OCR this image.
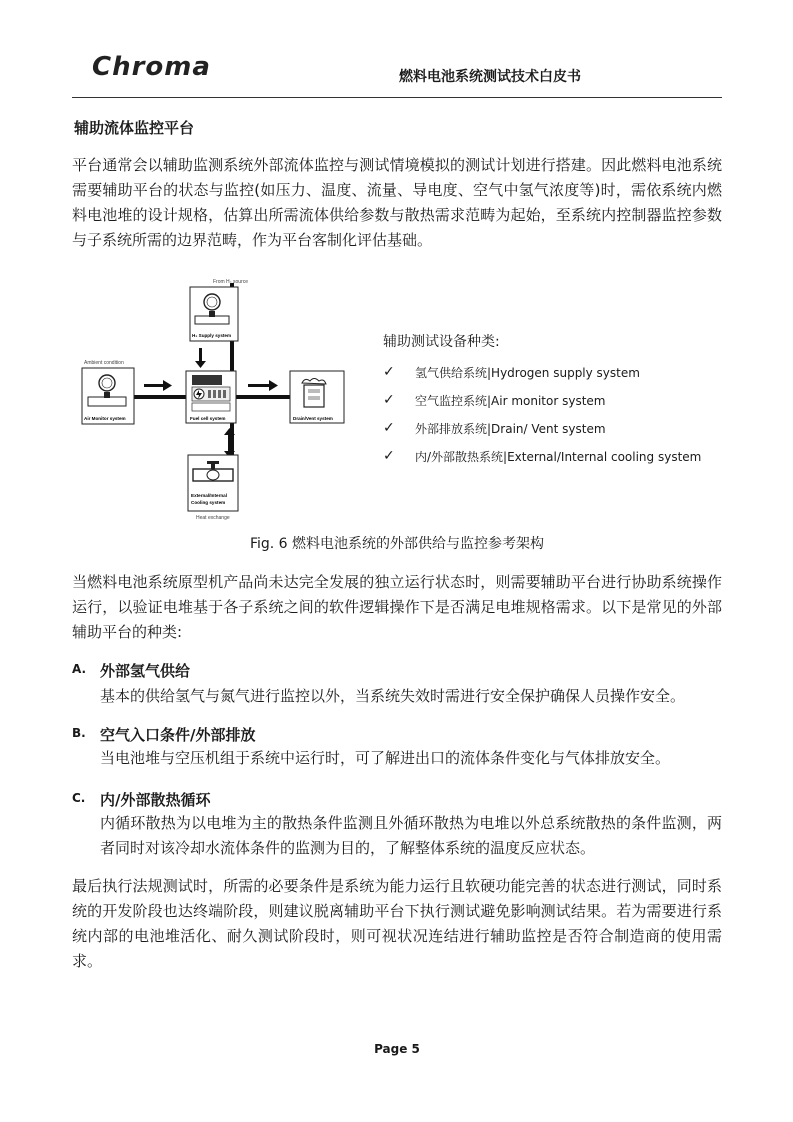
Chroma	燃料电池系统测试技术白皮书
辅助流体监控平台
平台通常会以辅助监测系统外部流体监控与测试情境模拟的测试计划进行搭建。因此燃料电池系统需要辅助平台的状态与监控(如压力、温度、流量、导电度、空气中氢气浓度等)时，需依系统内燃料电池堆的设计规格，估算出所需流体供给参数与散热需求范畴为起始，至系统内控制器监控参数与子系统所需的边界范畴，作为平台客制化评估基础。
From H₂ source
H₂ Supply system
Ambient condition
Air Monitor system	Fuel cell system	Drain/Vent system
External/Internal
Cooling system
Heat exchange
辅助测试设备种类:
✓	氢气供给系统|Hydrogen supply system
✓	空气监控系统|Air monitor system
✓	外部排放系统|Drain/ Vent system
✓	内/外部散热系统|External/Internal cooling system
Fig. 6 燃料电池系统的外部供给与监控参考架构
当燃料电池系统原型机产品尚未达完全发展的独立运行状态时，则需要辅助平台进行协助系统操作运行，以验证电堆基于各子系统之间的软件逻辑操作下是否满足电堆规格需求。以下是常见的外部辅助平台的种类:
A. 外部氢气供给
基本的供给氢气与氮气进行监控以外，当系统失效时需进行安全保护确保人员操作安全。
B. 空气入口条件/外部排放
当电池堆与空压机组于系统中运行时，可了解进出口的流体条件变化与气体排放安全。
C. 内/外部散热循环
内循环散热为以电堆为主的散热条件监测且外循环散热为电堆以外总系统散热的条件监测，两者同时对该冷却水流体条件的监测为目的，了解整体系统的温度反应状态。
最后执行法规测试时，所需的必要条件是系统为能力运行且软硬功能完善的状态进行测试，同时系统的开发阶段也达终端阶段，则建议脱离辅助平台下执行测试避免影响测试结果。若为需要进行系统内部的电池堆活化、耐久测试阶段时，则可视状况连结进行辅助监控是否符合制造商的使用需求。
Page 5
